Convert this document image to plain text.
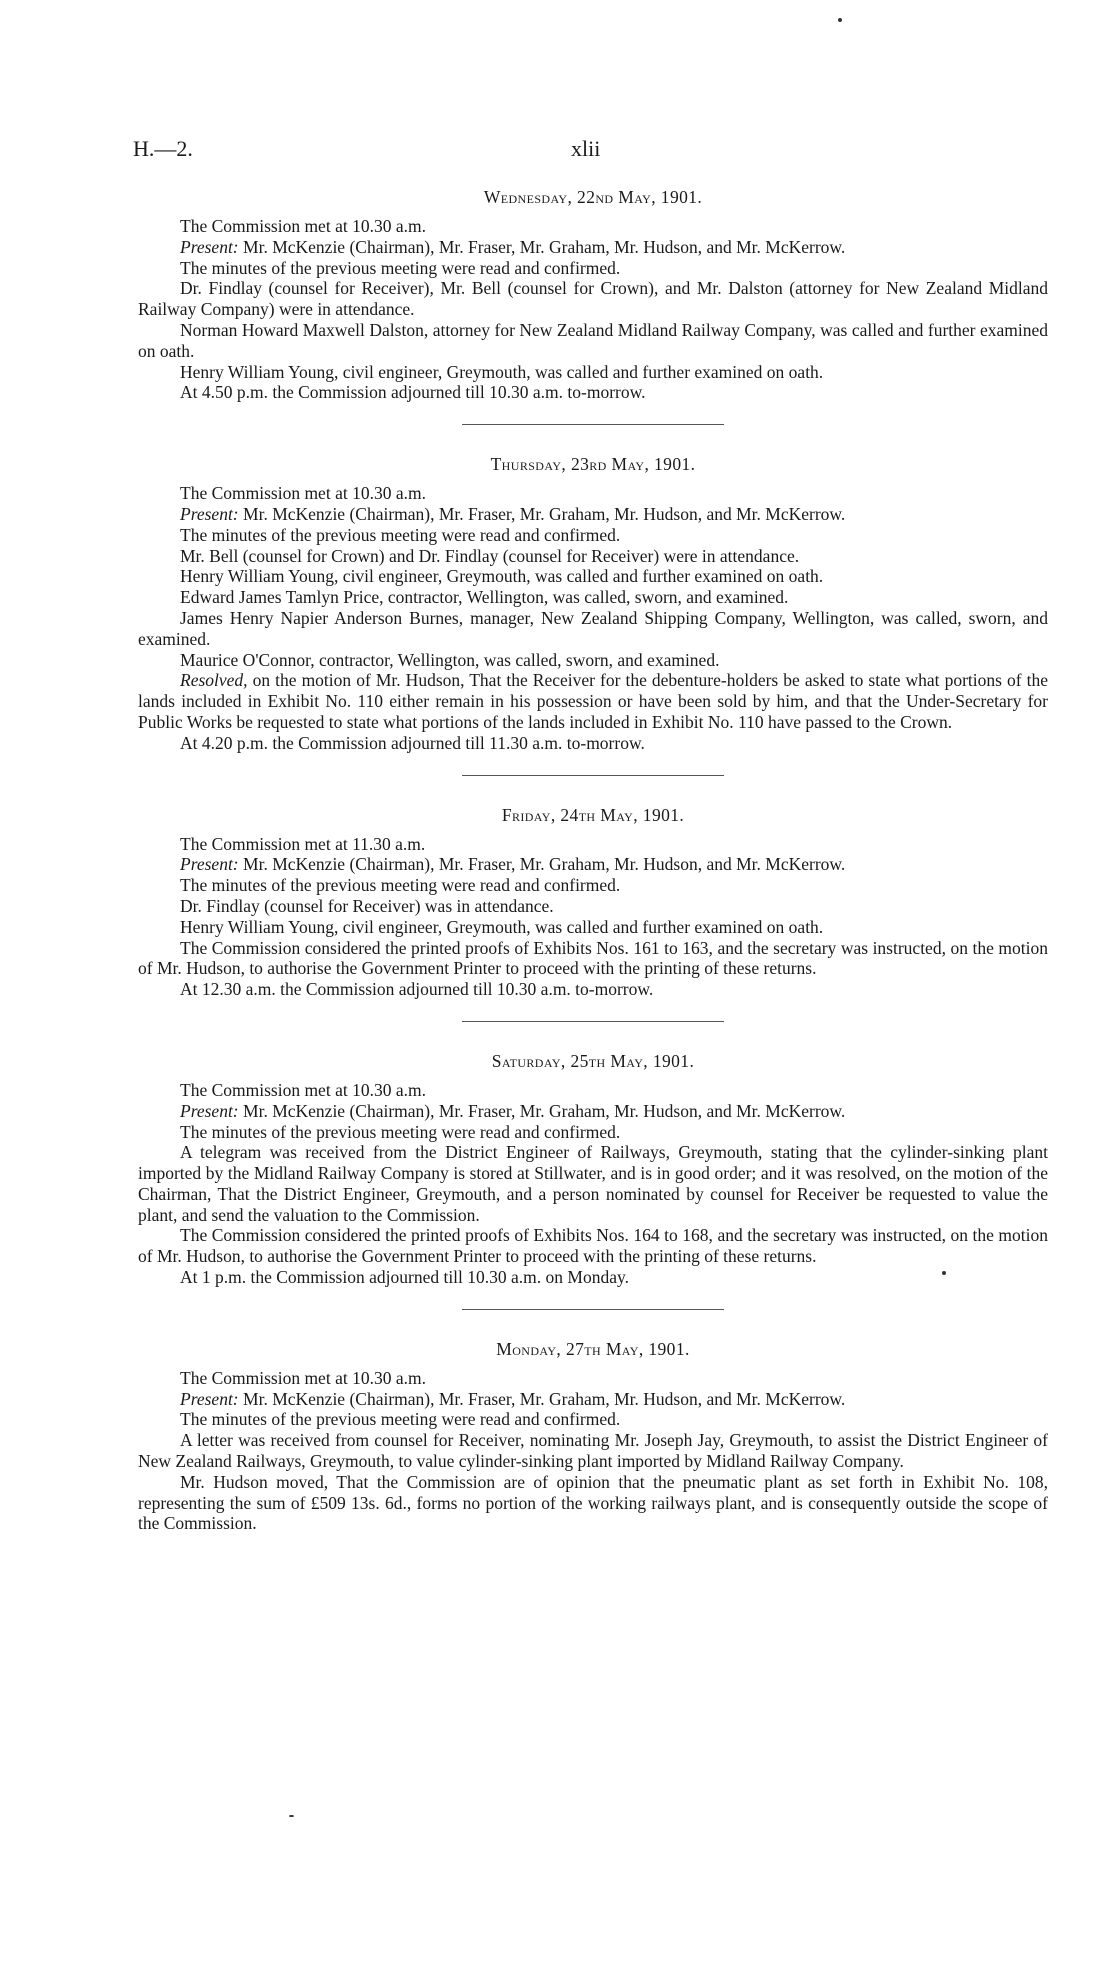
H.—2.	xlii
Wednesday, 22nd May, 1901.

The Commission met at 10.30 a.m.

Present: Mr. McKenzie (Chairman), Mr. Fraser, Mr. Graham, Mr. Hudson, and Mr. McKerrow.

The minutes of the previous meeting were read and confirmed.

Dr. Findlay (counsel for Receiver), Mr. Bell (counsel for Crown), and Mr. Dalston (attorney for New Zealand Midland Railway Company) were in attendance.

Norman Howard Maxwell Dalston, attorney for New Zealand Midland Railway Company, was called and further examined on oath.

Henry William Young, civil engineer, Greymouth, was called and further examined on oath.

At 4.50 p.m. the Commission adjourned till 10.30 a.m. to-morrow.

Thursday, 23rd May, 1901.

The Commission met at 10.30 a.m.

Present: Mr. McKenzie (Chairman), Mr. Fraser, Mr. Graham, Mr. Hudson, and Mr. McKerrow.

The minutes of the previous meeting were read and confirmed.

Mr. Bell (counsel for Crown) and Dr. Findlay (counsel for Receiver) were in attendance.

Henry William Young, civil engineer, Greymouth, was called and further examined on oath.

Edward James Tamlyn Price, contractor, Wellington, was called, sworn, and examined.

James Henry Napier Anderson Burnes, manager, New Zealand Shipping Company, Wellington, was called, sworn, and examined.

Maurice O'Connor, contractor, Wellington, was called, sworn, and examined.

Resolved, on the motion of Mr. Hudson, That the Receiver for the debenture-holders be asked to state what portions of the lands included in Exhibit No. 110 either remain in his possession or have been sold by him, and that the Under-Secretary for Public Works be requested to state what portions of the lands included in Exhibit No. 110 have passed to the Crown.

At 4.20 p.m. the Commission adjourned till 11.30 a.m. to-morrow.

Friday, 24th May, 1901.

The Commission met at 11.30 a.m.

Present: Mr. McKenzie (Chairman), Mr. Fraser, Mr. Graham, Mr. Hudson, and Mr. McKerrow.

The minutes of the previous meeting were read and confirmed.

Dr. Findlay (counsel for Receiver) was in attendance.

Henry William Young, civil engineer, Greymouth, was called and further examined on oath.

The Commission considered the printed proofs of Exhibits Nos. 161 to 163, and the secretary was instructed, on the motion of Mr. Hudson, to authorise the Government Printer to proceed with the printing of these returns.

At 12.30 a.m. the Commission adjourned till 10.30 a.m. to-morrow.

Saturday, 25th May, 1901.

The Commission met at 10.30 a.m.

Present: Mr. McKenzie (Chairman), Mr. Fraser, Mr. Graham, Mr. Hudson, and Mr. McKerrow.

The minutes of the previous meeting were read and confirmed.

A telegram was received from the District Engineer of Railways, Greymouth, stating that the cylinder-sinking plant imported by the Midland Railway Company is stored at Stillwater, and is in good order; and it was resolved, on the motion of the Chairman, That the District Engineer, Greymouth, and a person nominated by counsel for Receiver be requested to value the plant, and send the valuation to the Commission.

The Commission considered the printed proofs of Exhibits Nos. 164 to 168, and the secretary was instructed, on the motion of Mr. Hudson, to authorise the Government Printer to proceed with the printing of these returns.

At 1 p.m. the Commission adjourned till 10.30 a.m. on Monday.

Monday, 27th May, 1901.

The Commission met at 10.30 a.m.

Present: Mr. McKenzie (Chairman), Mr. Fraser, Mr. Graham, Mr. Hudson, and Mr. McKerrow.

The minutes of the previous meeting were read and confirmed.

A letter was received from counsel for Receiver, nominating Mr. Joseph Jay, Greymouth, to assist the District Engineer of New Zealand Railways, Greymouth, to value cylinder-sinking plant imported by Midland Railway Company.

Mr. Hudson moved, That the Commission are of opinion that the pneumatic plant as set forth in Exhibit No. 108, representing the sum of £509 13s. 6d., forms no portion of the working railways plant, and is consequently outside the scope of the Commission.
